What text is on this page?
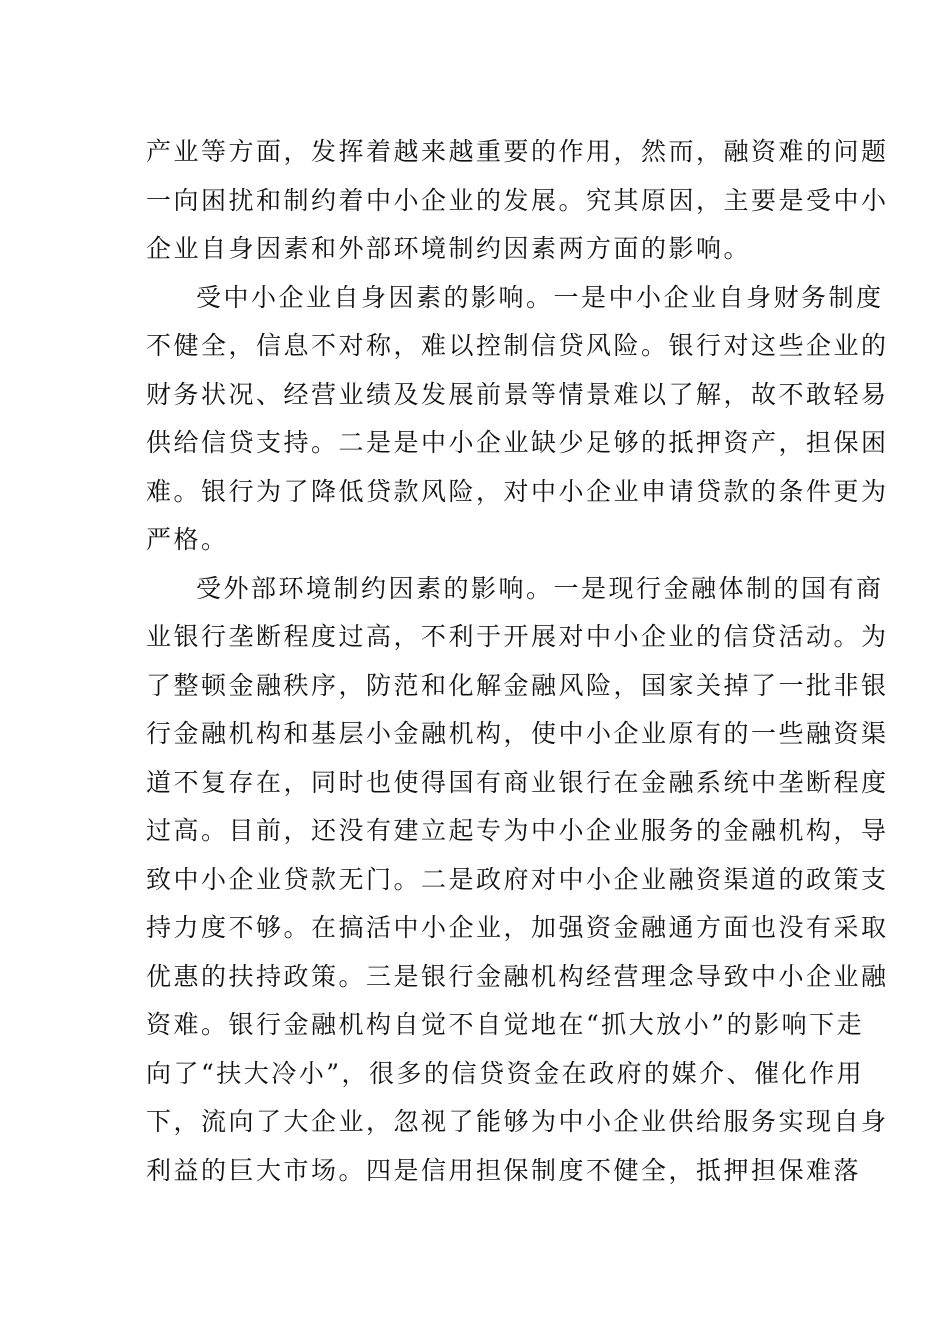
产业等方面，发挥着越来越重要的作用，然而，融资难的问题
一向困扰和制约着中小企业的发展。究其原因，主要是受中小
企业自身因素和外部环境制约因素两方面的影响。
受中小企业自身因素的影响。一是中小企业自身财务制度
不健全，信息不对称，难以控制信贷风险。银行对这些企业的
财务状况、经营业绩及发展前景等情景难以了解，故不敢轻易
供给信贷支持。二是是中小企业缺少足够的抵押资产，担保困
难。银行为了降低贷款风险，对中小企业申请贷款的条件更为
严格。
受外部环境制约因素的影响。一是现行金融体制的国有商
业银行垄断程度过高，不利于开展对中小企业的信贷活动。为
了整顿金融秩序，防范和化解金融风险，国家关掉了一批非银
行金融机构和基层小金融机构，使中小企业原有的一些融资渠
道不复存在，同时也使得国有商业银行在金融系统中垄断程度
过高。目前，还没有建立起专为中小企业服务的金融机构，导
致中小企业贷款无门。二是政府对中小企业融资渠道的政策支
持力度不够。在搞活中小企业，加强资金融通方面也没有采取
优惠的扶持政策。三是银行金融机构经营理念导致中小企业融
资难。银行金融机构自觉不自觉地在“抓大放小”的影响下走
向了“扶大冷小”，很多的信贷资金在政府的媒介、催化作用
下，流向了大企业，忽视了能够为中小企业供给服务实现自身
利益的巨大市场。四是信用担保制度不健全，抵押担保难落
